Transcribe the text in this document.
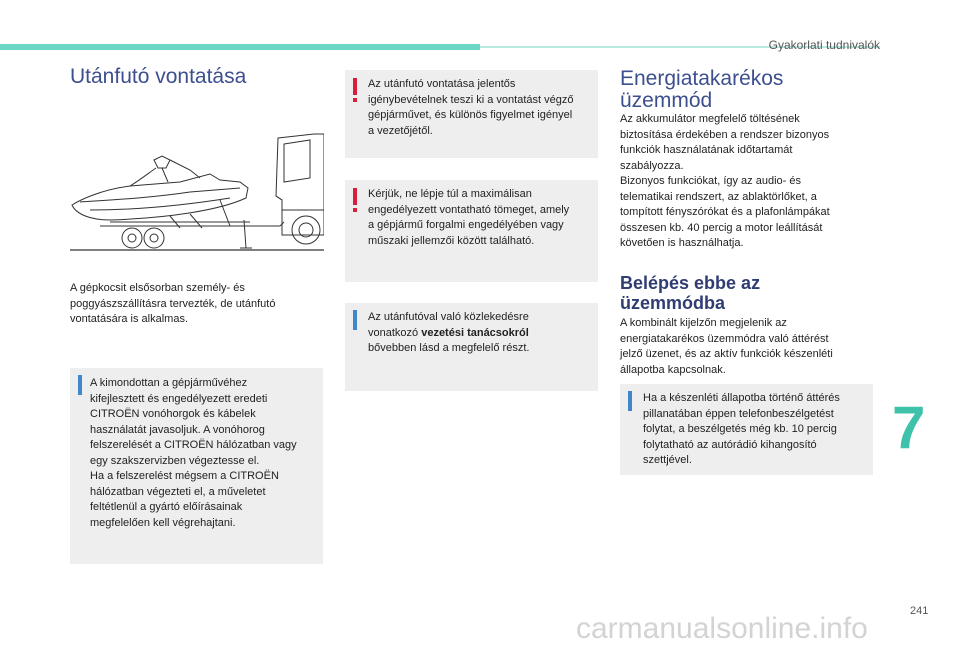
Gyakorlati tudnivalók
Utánfutó vontatása
A gépkocsit elsősorban személy- és
poggyászszállításra tervezték, de utánfutó
vontatására is alkalmas.
A kimondottan a gépjárművéhez
kifejlesztett és engedélyezett eredeti
CITROËN vonóhorgok és kábelek
használatát javasoljuk. A vonóhorog
felszerelését a CITROËN hálózatban vagy
egy szakszervizben végeztesse el.
Ha a felszerelést mégsem a CITROËN
hálózatban végezteti el, a műveletet
feltétlenül a gyártó előírásainak
megfelelően kell végrehajtani.
Az utánfutó vontatása jelentős
igénybevételnek teszi ki a vontatást végző
gépjárművet, és különös figyelmet igényel
a vezetőjétől.
Kérjük, ne lépje túl a maximálisan
engedélyezett vontatható tömeget, amely
a gépjármű forgalmi engedélyében vagy
műszaki jellemzői között található.
Az utánfutóval való közlekedésre
vonatkozó vezetési tanácsokról
bővebben lásd a megfelelő részt.
Energiatakarékos
üzemmód
Az akkumulátor megfelelő töltésének
biztosítása érdekében a rendszer bizonyos
funkciók használatának időtartamát
szabályozza.
Bizonyos funkciókat, így az audio- és
telematikai rendszert, az ablaktörlőket, a
tompított fényszórókat és a plafonlámpákat
összesen kb. 40 percig a motor leállítását
követően is használhatja.
Belépés ebbe az
üzemmódba
A kombinált kijelzőn megjelenik az
energiatakarékos üzemmódra való áttérést
jelző üzenet, és az aktív funkciók készenléti
állapotba kapcsolnak.
Ha a készenléti állapotba történő áttérés
pillanatában éppen telefonbeszélgetést
folytat, a beszélgetés még kb. 10 percig
folytatható az autórádió kihangosító
szettjével.	7
241
carmanualsonline.info
